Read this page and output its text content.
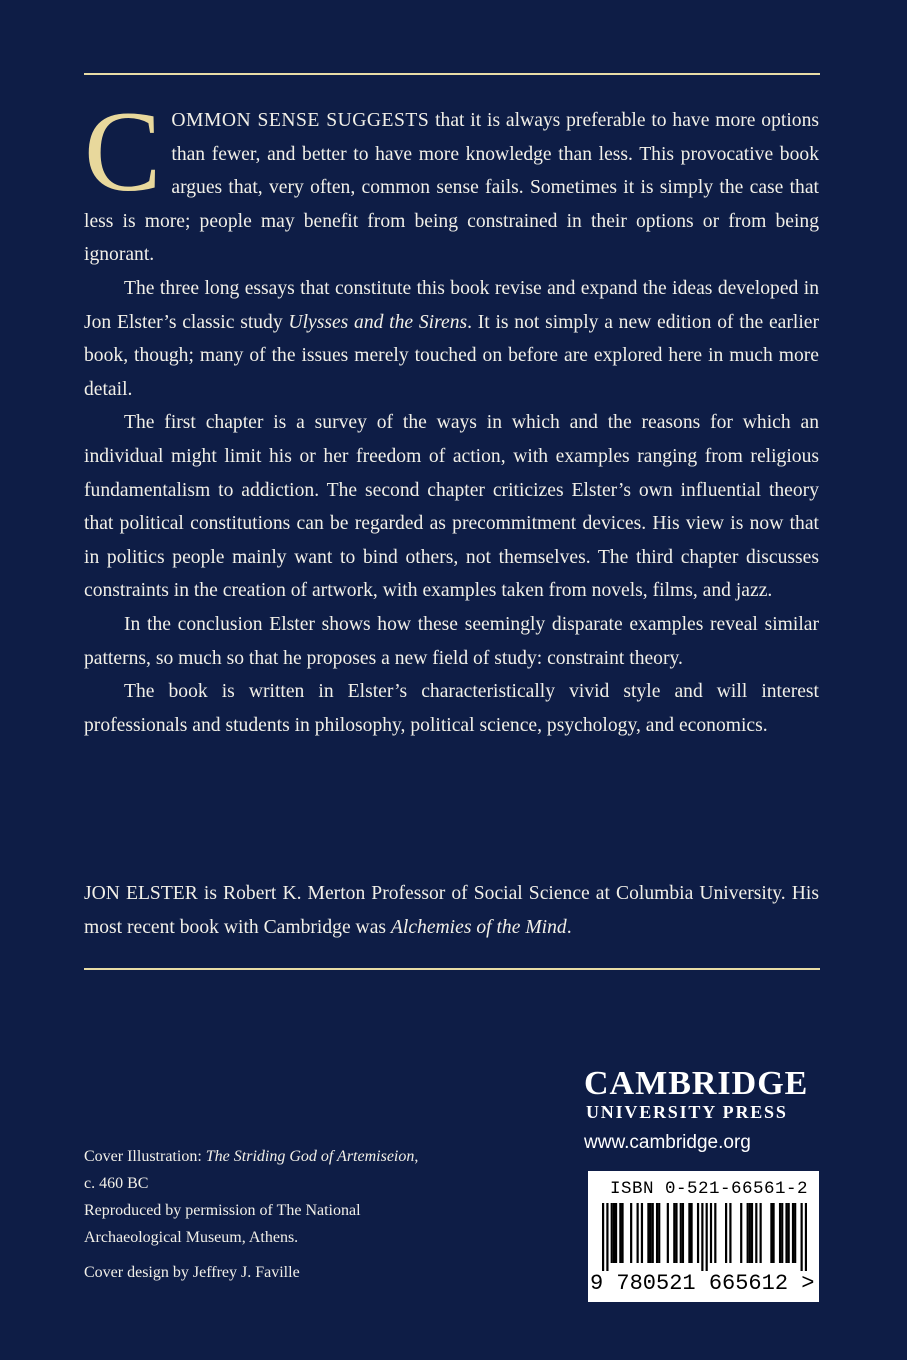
COMMON SENSE SUGGESTS that it is always preferable to have more options than fewer, and better to have more knowledge than less. This provocative book argues that, very often, common sense fails. Sometimes it is simply the case that less is more; people may benefit from being constrained in their options or from being ignorant.

The three long essays that constitute this book revise and expand the ideas developed in Jon Elster’s classic study Ulysses and the Sirens. It is not simply a new edition of the earlier book, though; many of the issues merely touched on before are explored here in much more detail.

The first chapter is a survey of the ways in which and the reasons for which an individual might limit his or her freedom of action, with examples ranging from religious fundamentalism to addiction. The second chapter criticizes Elster’s own influential theory that political constitutions can be regarded as precommitment devices. His view is now that in politics people mainly want to bind others, not themselves. The third chapter discusses constraints in the creation of artwork, with examples taken from novels, films, and jazz.

In the conclusion Elster shows how these seemingly disparate examples reveal similar patterns, so much so that he proposes a new field of study: constraint theory.

The book is written in Elster’s characteristically vivid style and will interest professionals and students in philosophy, political science, psychology, and economics.

JON ELSTER is Robert K. Merton Professor of Social Science at Columbia University. His most recent book with Cambridge was Alchemies of the Mind.

CAMBRIDGE
UNIVERSITY PRESS
www.cambridge.org

Cover Illustration: The Striding God of Artemiseion, c. 460 BC

Reproduced by permission of The National Archaeological Museum, Athens.

Cover design by Jeffrey J. Faville

ISBN 0-521-66561-2
9 780521 665612 >
